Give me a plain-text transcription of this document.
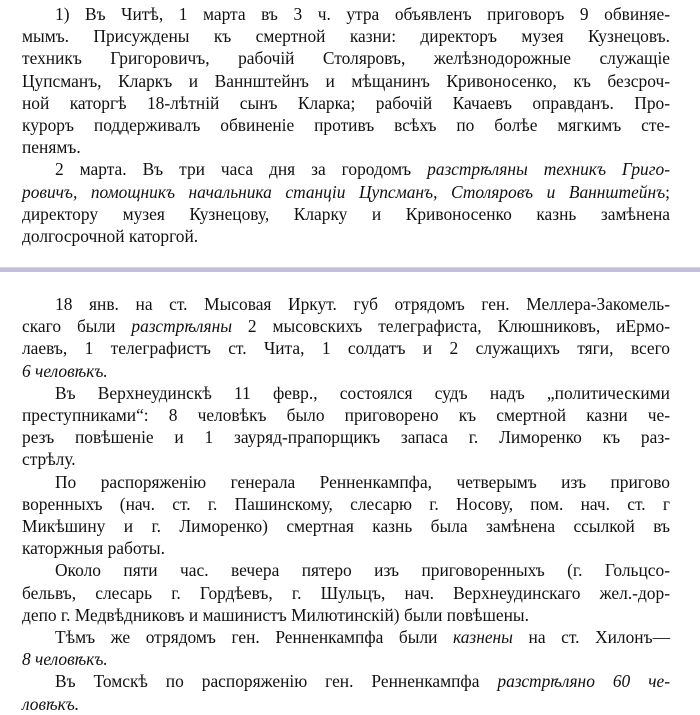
1) Въ Читѣ, 1 марта въ 3 ч. утра объявленъ приговоръ 9 обвиняе-
мымъ. Присуждены къ смертной казни: директоръ музея Кузнецовъ.
техникъ Григоровичъ, рабочій Столяровъ, желѣзнодорожные служащіе
Цупсманъ, Кларкъ и Ваннштейнъ и мѣщанинъ Кривоносенко, къ безсроч-
ной каторгѣ 18-лѣтній сынъ Кларка; рабочій Качаевъ оправданъ. Про-
куроръ поддерживалъ обвиненіе противъ всѣхъ по болѣе мягкимъ сте-
пенямъ.
2 марта. Въ три часа дня за городомъ разстрѣляны техникъ Григо-
ровичъ, помощникъ начальника станціи Цупсманъ, Столяровъ и Ваннштейнъ;
директору музея Кузнецову, Кларку и Кривоносенко казнь замѣнена
долгосрочной каторгой.
18 янв. на ст. Мысовая Иркут. губ отрядомъ ген. Меллера-Закомель-
скаго были разстрѣляны 2 мысовскихъ телеграфиста, Клюшниковъ, иЕрмо-
лаевъ, 1 телеграфистъ ст. Чита, 1 солдатъ и 2 служащихъ тяги, всего
6 человѣкъ.
Въ Верхнеудинскѣ 11 февр., состоялся судъ надъ „политическими
преступниками“: 8 человѣкъ было приговорено къ смертной казни че-
резъ повѣшеніе и 1 зауряд-прапорщикъ запаса г. Лиморенко къ раз-
стрѣлу.
По распоряженію генерала Ренненкампфа, четверымъ изъ пригово
воренныхъ (нач. ст. г. Пашинскому, слесарю г. Носову, пом. нач. ст. г
Микѣшину и г. Лиморенко) смертная казнь была замѣнена ссылкой въ
каторжныя работы.
Около пяти час. вечера пятеро изъ приговоренныхъ (г. Гольцсо-
бельвъ, слесарь г. Гордѣевъ, г. Шульцъ, нач. Верхнеудинскаго жел.-дор-
депо г. Медвѣдниковъ и машинистъ Милютинскій) были повѣшены.
Тѣмъ же отрядомъ ген. Ренненкампфа были казнены на ст. Хилонъ—
8 человѣкъ.
Въ Томскѣ по распоряженію ген. Ренненкампфа разстрѣляно 60 че-
ловѣкъ.
